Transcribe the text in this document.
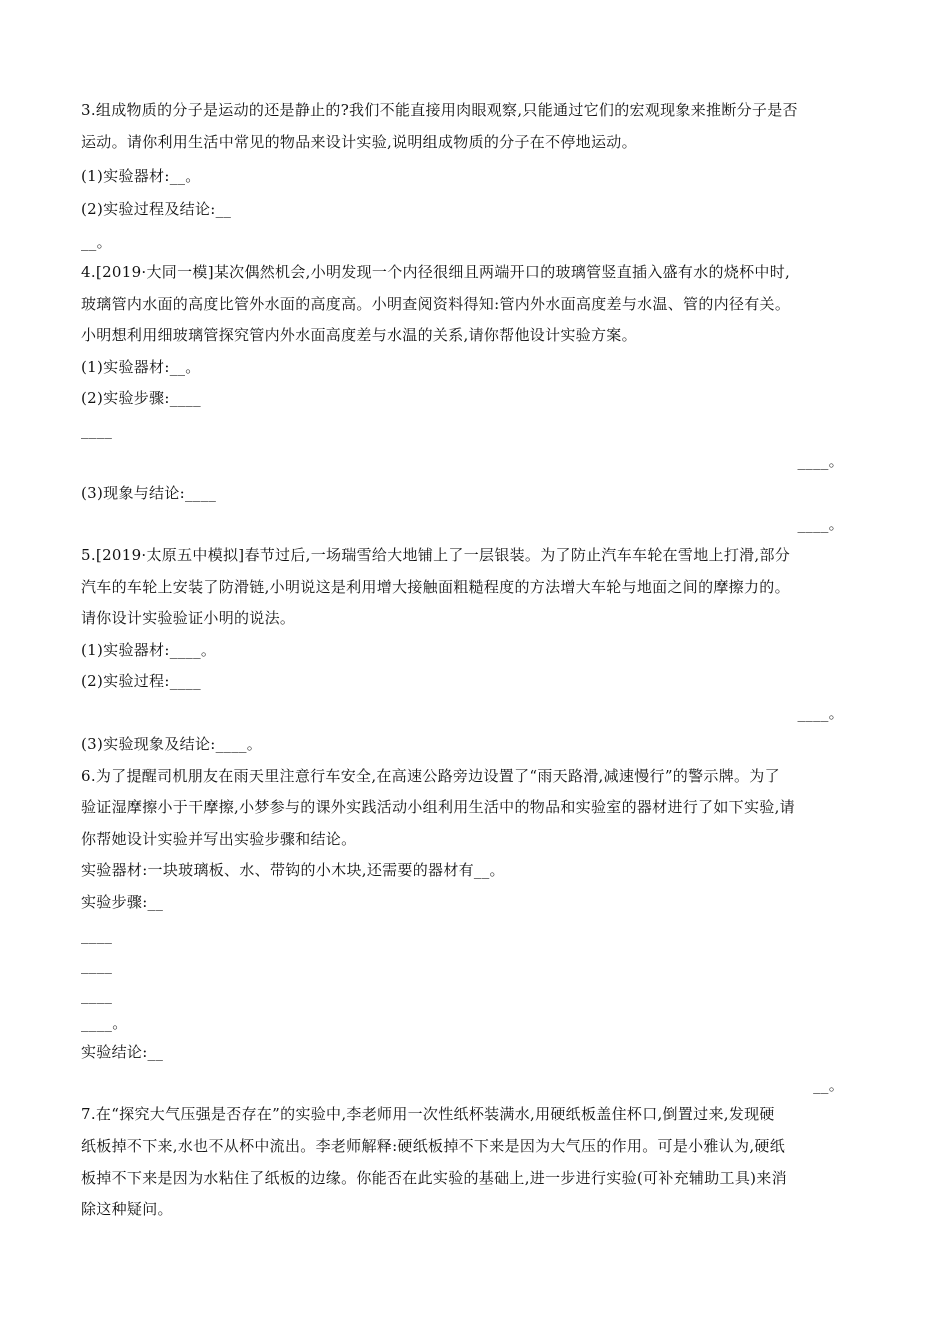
3.组成物质的分子是运动的还是静止的?我们不能直接用肉眼观察,只能通过它们的宏观现象来推断分子是否
运动。请你利用生活中常见的物品来设计实验,说明组成物质的分子在不停地运动。
(1)实验器材:__。
(2)实验过程及结论:__
__。
4.[2019·大同一模]某次偶然机会,小明发现一个内径很细且两端开口的玻璃管竖直插入盛有水的烧杯中时,
玻璃管内水面的高度比管外水面的高度高。小明查阅资料得知:管内外水面高度差与水温、管的内径有关。
小明想利用细玻璃管探究管内外水面高度差与水温的关系,请你帮他设计实验方案。
(1)实验器材:__。
(2)实验步骤:____
____
____。
(3)现象与结论:____
____。
5.[2019·太原五中模拟]春节过后,一场瑞雪给大地铺上了一层银装。为了防止汽车车轮在雪地上打滑,部分
汽车的车轮上安装了防滑链,小明说这是利用增大接触面粗糙程度的方法增大车轮与地面之间的摩擦力的。
请你设计实验验证小明的说法。
(1)实验器材:____。
(2)实验过程:____
____。
(3)实验现象及结论:____。
6.为了提醒司机朋友在雨天里注意行车安全,在高速公路旁边设置了“雨天路滑,减速慢行”的警示牌。为了
验证湿摩擦小于干摩擦,小梦参与的课外实践活动小组利用生活中的物品和实验室的器材进行了如下实验,请
你帮她设计实验并写出实验步骤和结论。
实验器材:一块玻璃板、水、带钩的小木块,还需要的器材有__。
实验步骤:__
____
____
____
____。
实验结论:__
__。
7.在“探究大气压强是否存在”的实验中,李老师用一次性纸杯装满水,用硬纸板盖住杯口,倒置过来,发现硬
纸板掉不下来,水也不从杯中流出。李老师解释:硬纸板掉不下来是因为大气压的作用。可是小雅认为,硬纸
板掉不下来是因为水粘住了纸板的边缘。你能否在此实验的基础上,进一步进行实验(可补充辅助工具)来消
除这种疑问。
